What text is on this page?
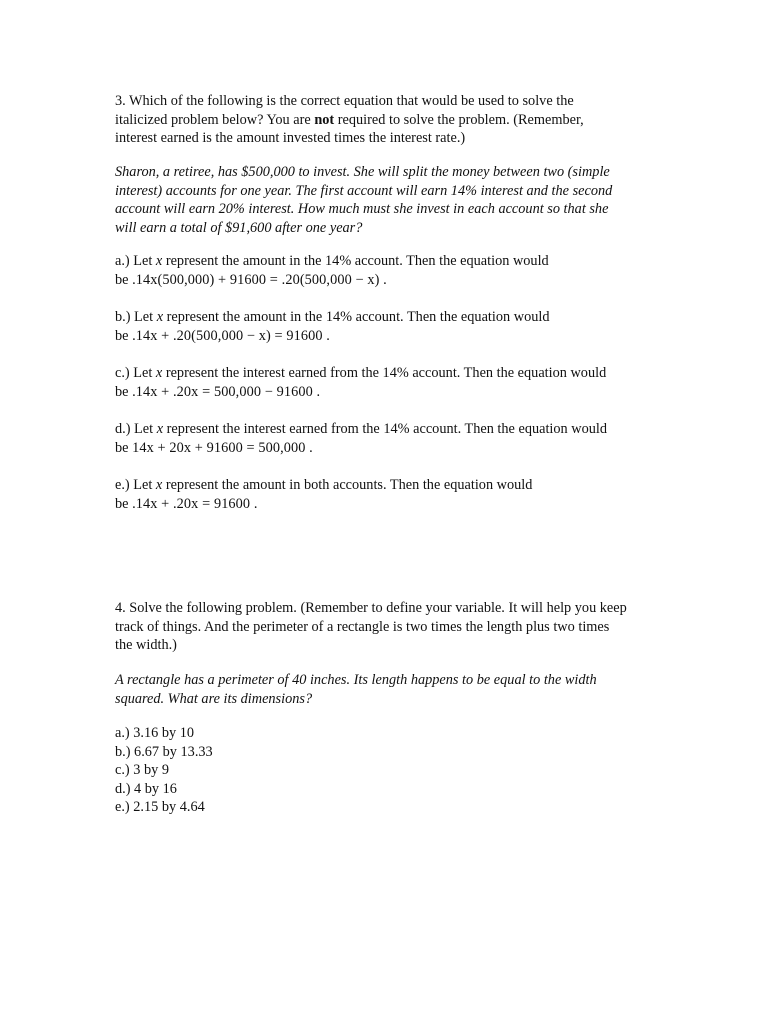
3. Which of the following is the correct equation that would be used to solve the

italicized problem below? You are not required to solve the problem. (Remember,

interest earned is the amount invested times the interest rate.)

Sharon, a retiree, has $500,000 to invest. She will split the money between two (simple

interest) accounts for one year. The first account will earn 14% interest and the second

account will earn 20% interest. How much must she invest in each account so that she

will earn a total of $91,600 after one year?

a.) Let x represent the amount in the 14% account. Then the equation would

be .14x(500,000) + 91600 = .20(500,000 − x) .

b.) Let x represent the amount in the 14% account. Then the equation would

be .14x + .20(500,000 − x) = 91600 .

c.) Let x represent the interest earned from the 14% account. Then the equation would

be .14x + .20x = 500,000 − 91600 .

d.) Let x represent the interest earned from the 14% account. Then the equation would

be 14x + 20x + 91600 = 500,000 .

e.) Let x represent the amount in both accounts. Then the equation would

be .14x + .20x = 91600 .

4. Solve the following problem. (Remember to define your variable. It will help you keep

track of things. And the perimeter of a rectangle is two times the length plus two times

the width.)

A rectangle has a perimeter of 40 inches. Its length happens to be equal to the width

squared. What are its dimensions?

a.) 3.16 by 10

b.) 6.67 by 13.33

c.) 3 by 9

d.) 4 by 16

e.) 2.15 by 4.64
